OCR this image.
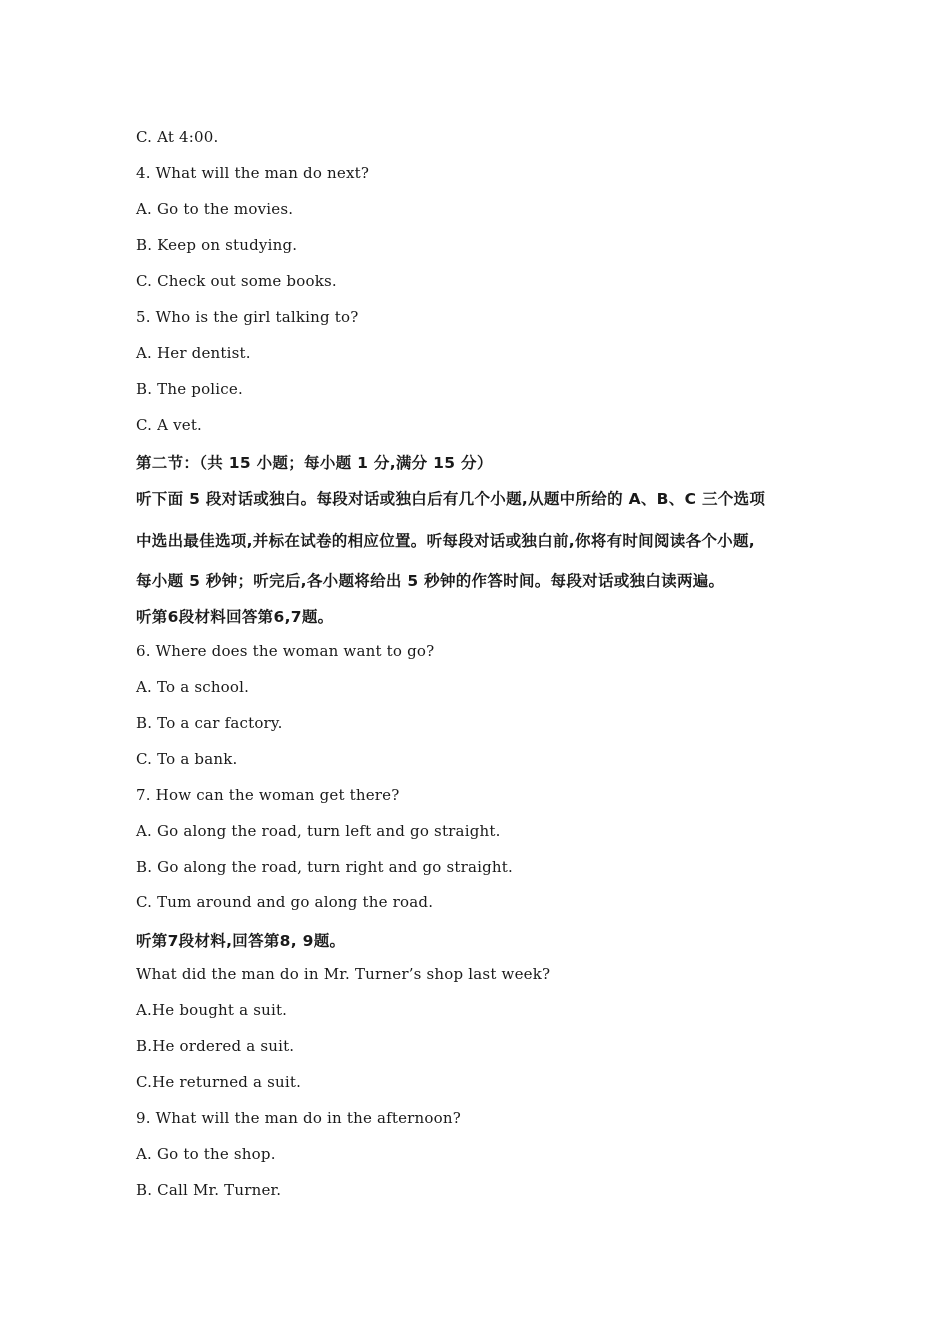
C. At 4:00.
4. What will the man do next?
A. Go to the movies.
B. Keep on studying.
C. Check out some books.
5. Who is the girl talking to?
A. Her dentist.
B. The police.
C. A vet.
第二节：（共 15 小题；每小题 1 分,满分 15 分）
听下面 5 段对话或独白。每段对话或独白后有几个小题,从题中所给的 A、B、C 三个选项
中选出最佳选项,并标在试卷的相应位置。听每段对话或独白前,你将有时间阅读各个小题,
每小题 5 秒钟；听完后,各小题将给出 5 秒钟的作答时间。每段对话或独白读两遍。
听第6段材料回答第6,7题。
6. Where does the woman want to go?
A. To a school.
B. To a car factory.
C. To a bank.
7. How can the woman get there?
A. Go along the road, turn left and go straight.
B. Go along the road, turn right and go straight.
C. Tum around and go along the road.
听第7段材料,回答第8, 9题。
What did the man do in Mr. Turner’s shop last week?
A.He bought a suit.
B.He ordered a suit.
C.He returned a suit.
9. What will the man do in the afternoon?
A. Go to the shop.
B. Call Mr. Turner.
